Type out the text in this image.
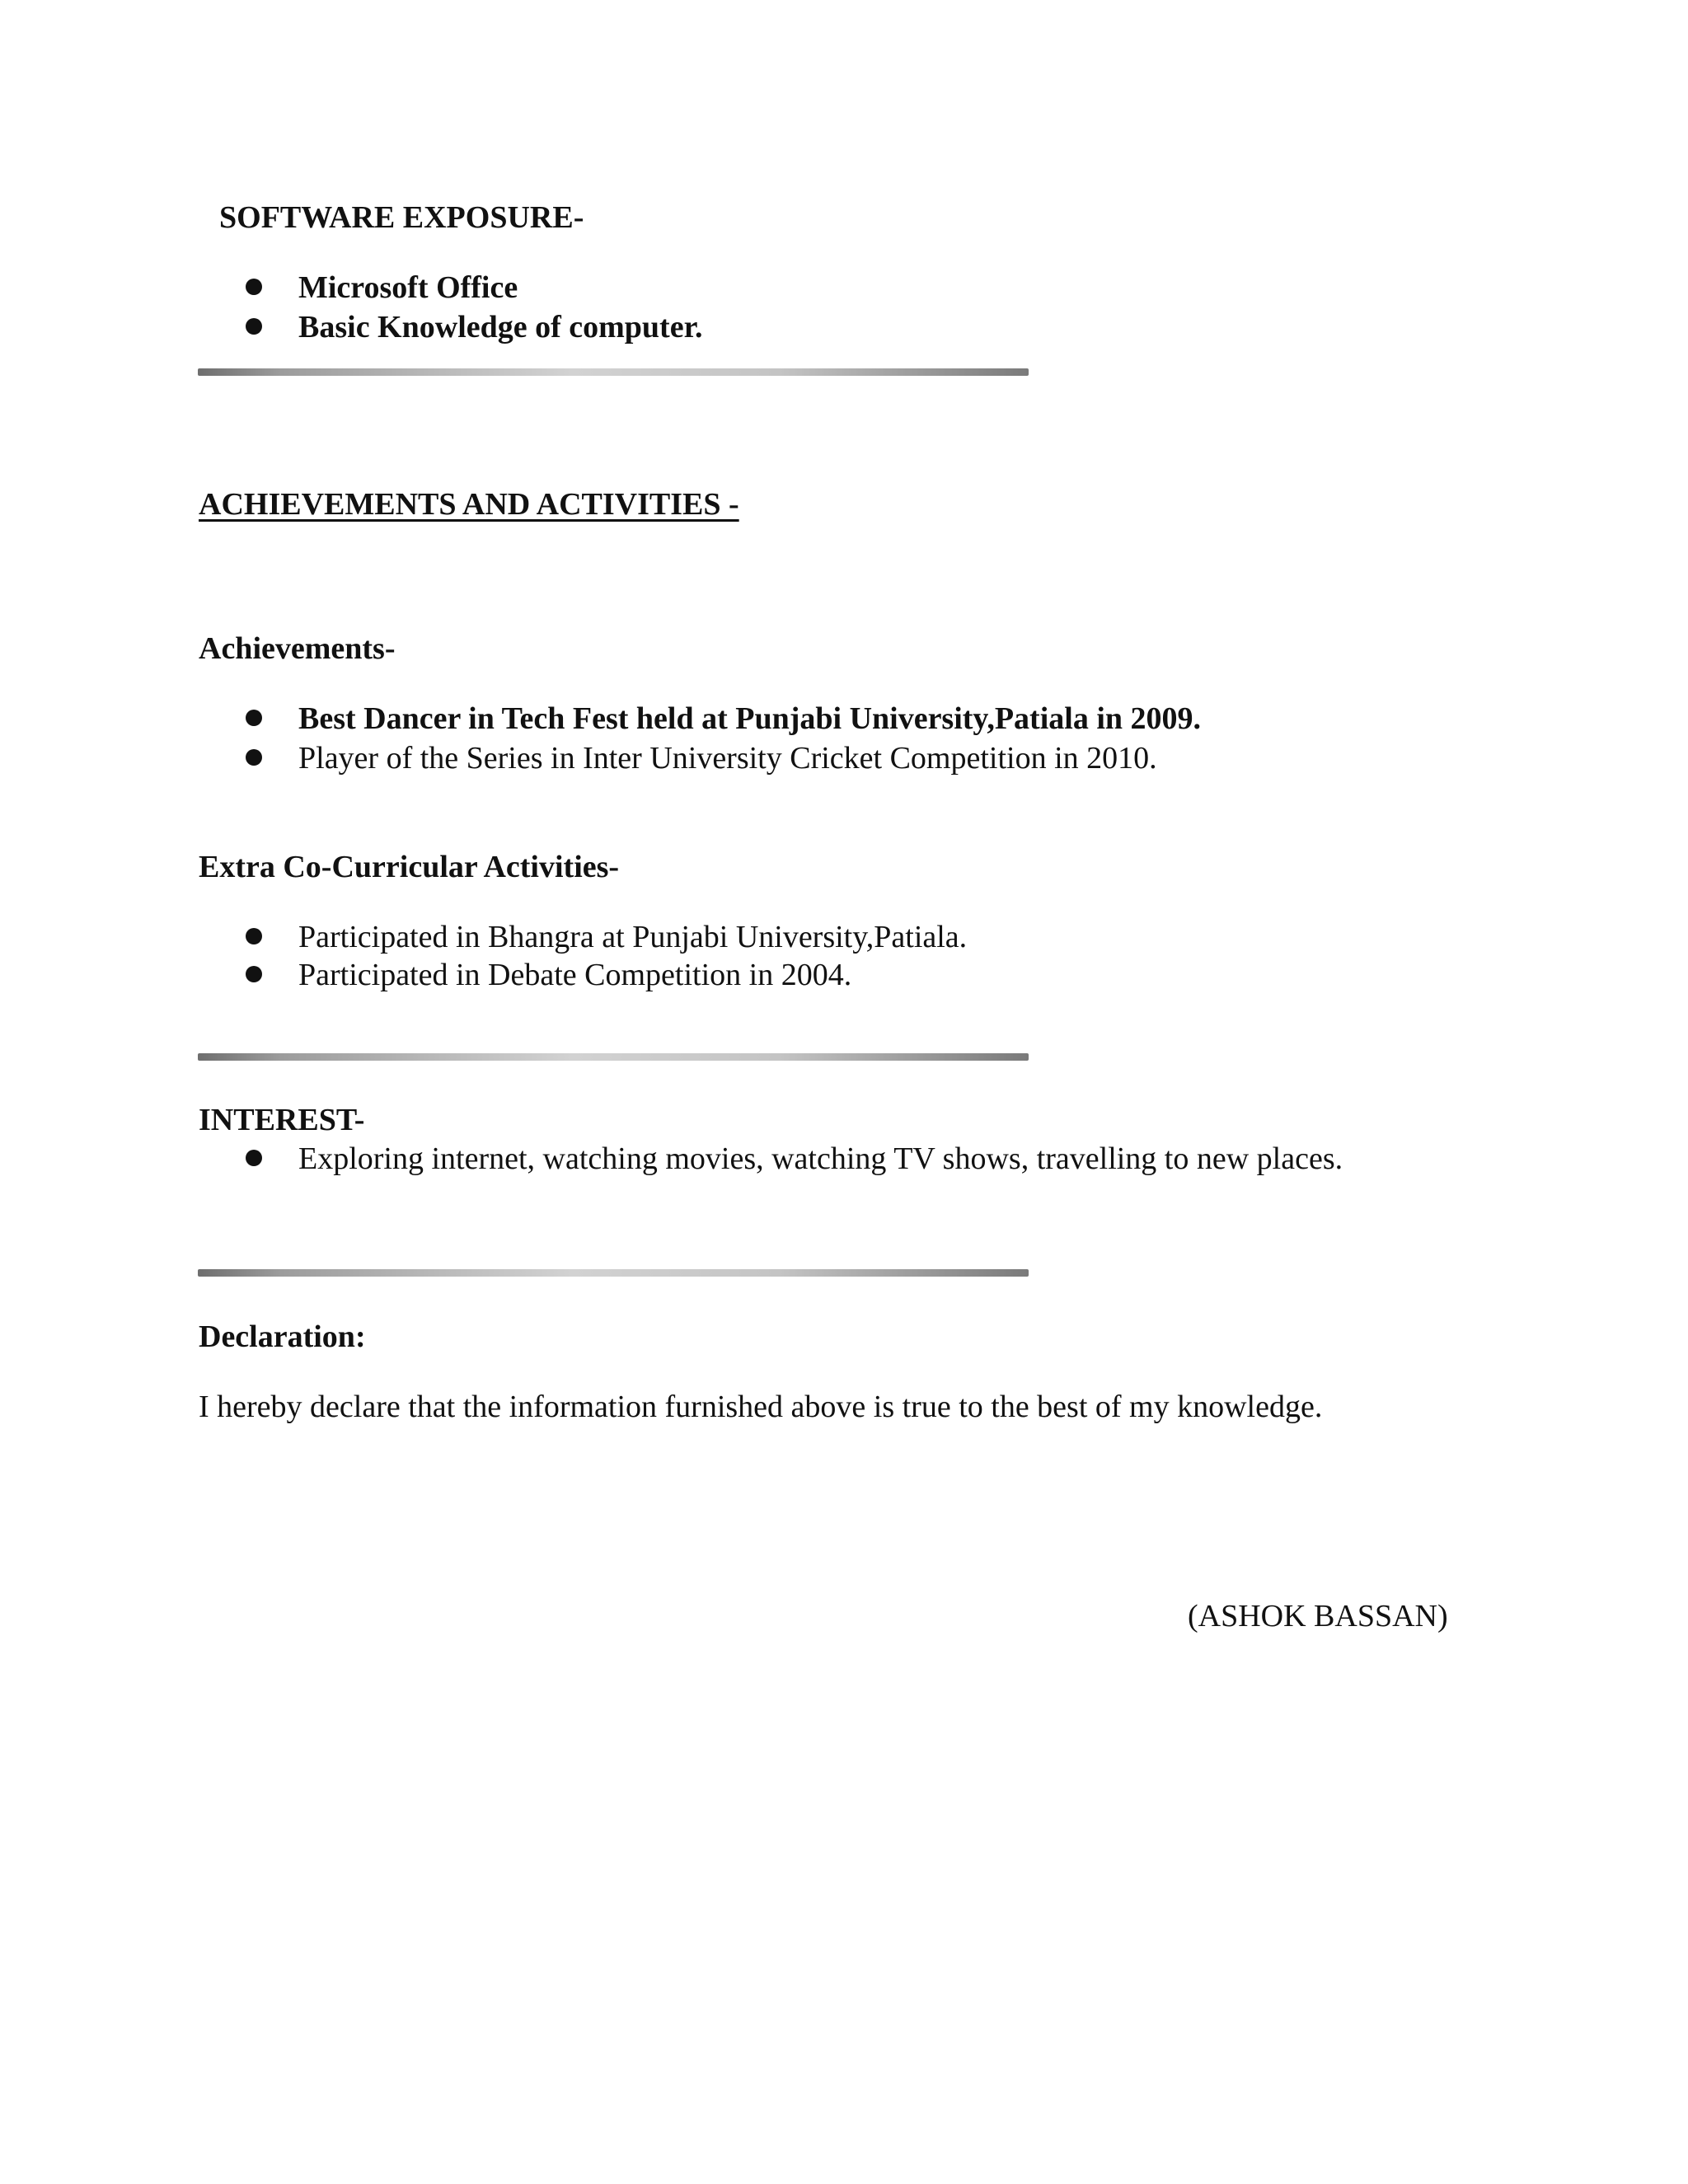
SOFTWARE EXPOSURE-
Microsoft Office
Basic Knowledge of computer.
ACHIEVEMENTS AND ACTIVITIES -
Achievements-
Best Dancer in Tech Fest held at Punjabi University,Patiala in 2009.
Player of the Series in Inter University Cricket Competition in 2010.
Extra Co-Curricular Activities-
Participated in Bhangra at Punjabi University,Patiala.
Participated in Debate Competition in 2004.
INTEREST-
Exploring internet, watching movies, watching TV shows, travelling to new places.
Declaration:
I hereby declare that the information furnished above is true to the best of my knowledge.
(ASHOK BASSAN)
